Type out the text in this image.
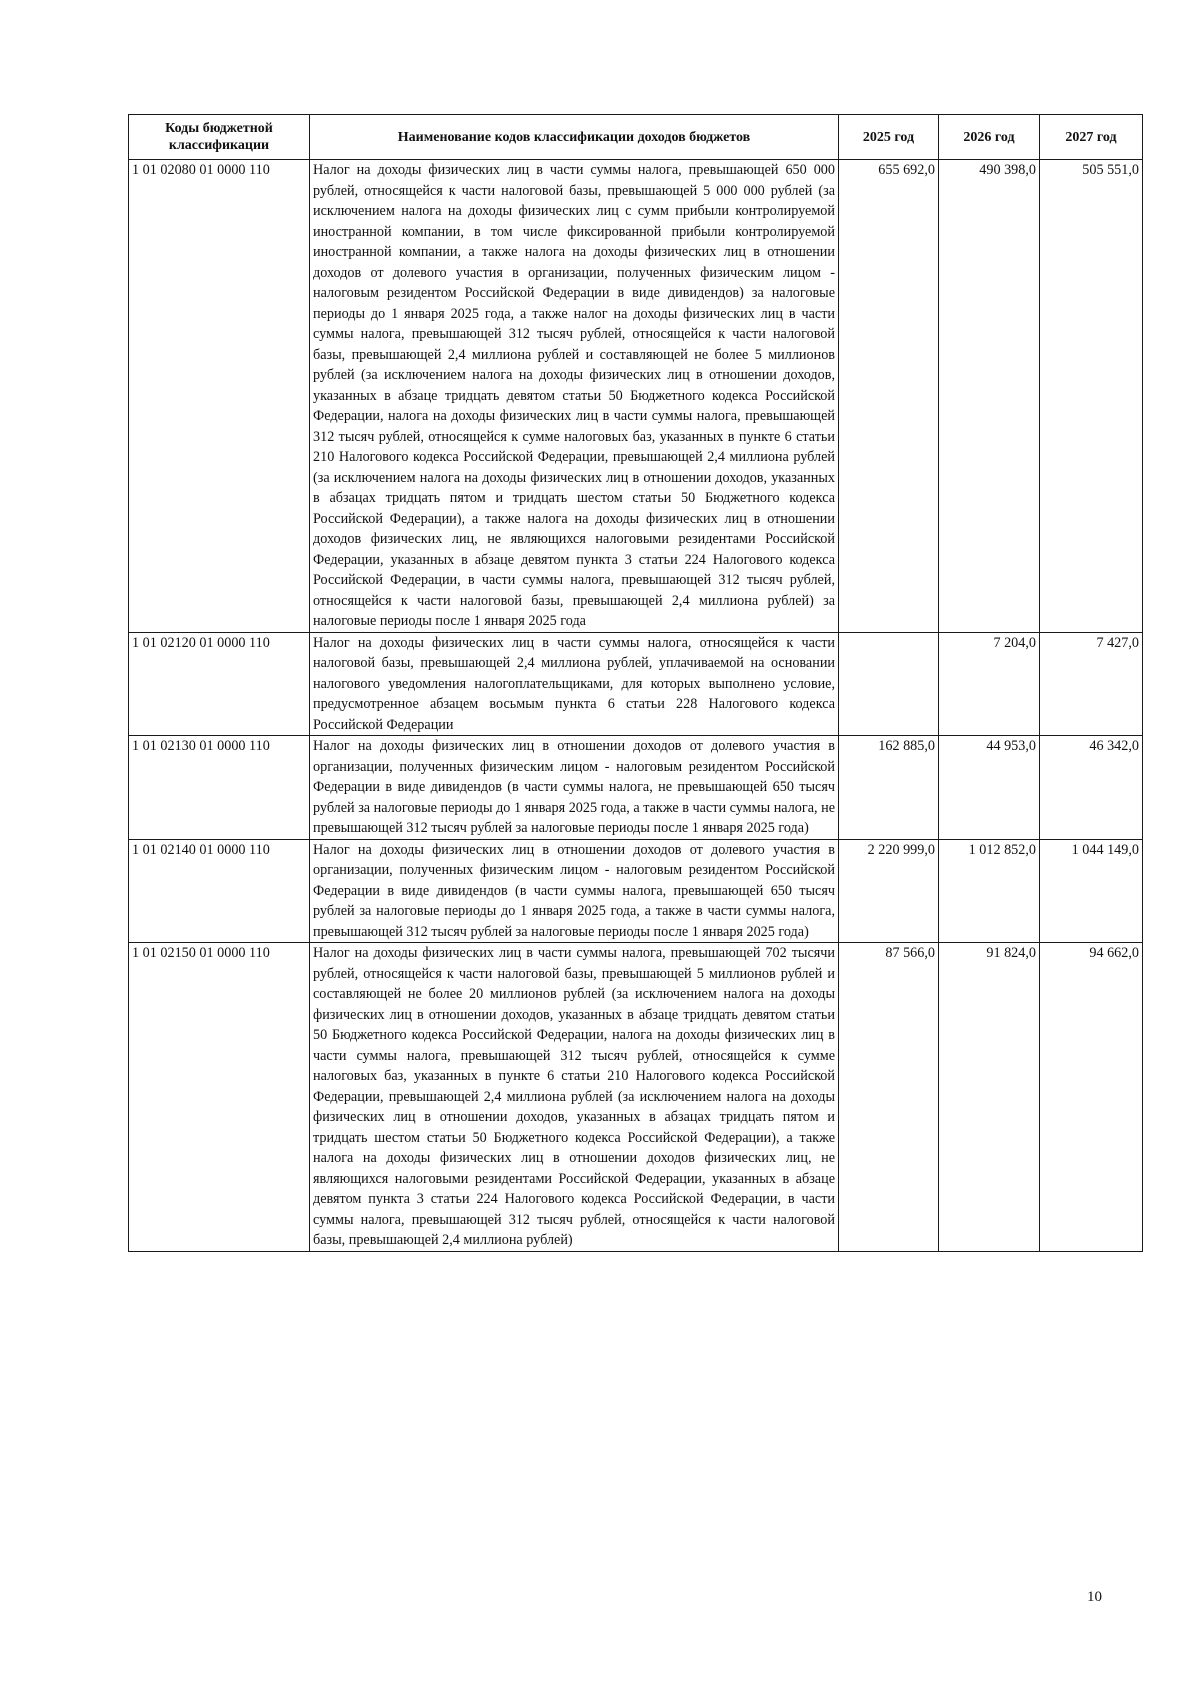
Коды бюджетной классификации	Наименование кодов классификации доходов бюджетов	2025 год	2026 год	2027 год
1 01 02080 01 0000 110	Налог на доходы физических лиц в части суммы налога, превышающей 650 000 рублей, относящейся к части налоговой базы, превышающей 5 000 000 рублей (за исключением налога на доходы физических лиц с сумм прибыли контролируемой иностранной компании, в том числе фиксированной прибыли контролируемой иностранной компании, а также налога на доходы физических лиц в отношении доходов от долевого участия в организации, полученных физическим лицом - налоговым резидентом Российской Федерации в виде дивидендов) за налоговые периоды до 1 января 2025 года, а также налог на доходы физических лиц в части суммы налога, превышающей 312 тысяч рублей, относящейся к части налоговой базы, превышающей 2,4 миллиона рублей и составляющей не более 5 миллионов рублей (за исключением налога на доходы физических лиц в отношении доходов, указанных в абзаце тридцать девятом статьи 50 Бюджетного кодекса Российской Федерации, налога на доходы физических лиц в части суммы налога, превышающей 312 тысяч рублей, относящейся к сумме налоговых баз, указанных в пункте 6 статьи 210 Налогового кодекса Российской Федерации, превышающей 2,4 миллиона рублей (за исключением налога на доходы физических лиц в отношении доходов, указанных в абзацах тридцать пятом и тридцать шестом статьи 50 Бюджетного кодекса Российской Федерации), а также налога на доходы физических лиц в отношении доходов физических лиц, не являющихся налоговыми резидентами Российской Федерации, указанных в абзаце девятом пункта 3 статьи 224 Налогового кодекса Российской Федерации, в части суммы налога, превышающей 312 тысяч рублей, относящейся к части налоговой базы, превышающей 2,4 миллиона рублей) за налоговые периоды после 1 января 2025 года	655 692,0	490 398,0	505 551,0
1 01 02120 01 0000 110	Налог на доходы физических лиц в части суммы налога, относящейся к части налоговой базы, превышающей 2,4 миллиона рублей, уплачиваемой на основании налогового уведомления налогоплательщиками, для которых выполнено условие, предусмотренное абзацем восьмым пункта 6 статьи 228 Налогового кодекса Российской Федерации		7 204,0	7 427,0
1 01 02130 01 0000 110	Налог на доходы физических лиц в отношении доходов от долевого участия в организации, полученных физическим лицом - налоговым резидентом Российской Федерации в виде дивидендов (в части суммы налога, не превышающей 650 тысяч рублей за налоговые периоды до 1 января 2025 года, а также в части суммы налога, не превышающей 312 тысяч рублей за налоговые периоды после 1 января 2025 года)	162 885,0	44 953,0	46 342,0
1 01 02140 01 0000 110	Налог на доходы физических лиц в отношении доходов от долевого участия в организации, полученных физическим лицом - налоговым резидентом Российской Федерации в виде дивидендов (в части суммы налога, превышающей 650 тысяч рублей за налоговые периоды до 1 января 2025 года, а также в части суммы налога, превышающей 312 тысяч рублей за налоговые периоды после 1 января 2025 года)	2 220 999,0	1 012 852,0	1 044 149,0
1 01 02150 01 0000 110	Налог на доходы физических лиц в части суммы налога, превышающей 702 тысячи рублей, относящейся к части налоговой базы, превышающей 5 миллионов рублей и составляющей не более 20 миллионов рублей (за исключением налога на доходы физических лиц в отношении доходов, указанных в абзаце тридцать девятом статьи 50 Бюджетного кодекса Российской Федерации, налога на доходы физических лиц в части суммы налога, превышающей 312 тысяч рублей, относящейся к сумме налоговых баз, указанных в пункте 6 статьи 210 Налогового кодекса Российской Федерации, превышающей 2,4 миллиона рублей (за исключением налога на доходы физических лиц в отношении доходов, указанных в абзацах тридцать пятом и тридцать шестом статьи 50 Бюджетного кодекса Российской Федерации), а также налога на доходы физических лиц в отношении доходов физических лиц, не являющихся налоговыми резидентами Российской Федерации, указанных в абзаце девятом пункта 3 статьи 224 Налогового кодекса Российской Федерации, в части суммы налога, превышающей 312 тысяч рублей, относящейся к части налоговой базы, превышающей 2,4 миллиона рублей)	87 566,0	91 824,0	94 662,0
10
